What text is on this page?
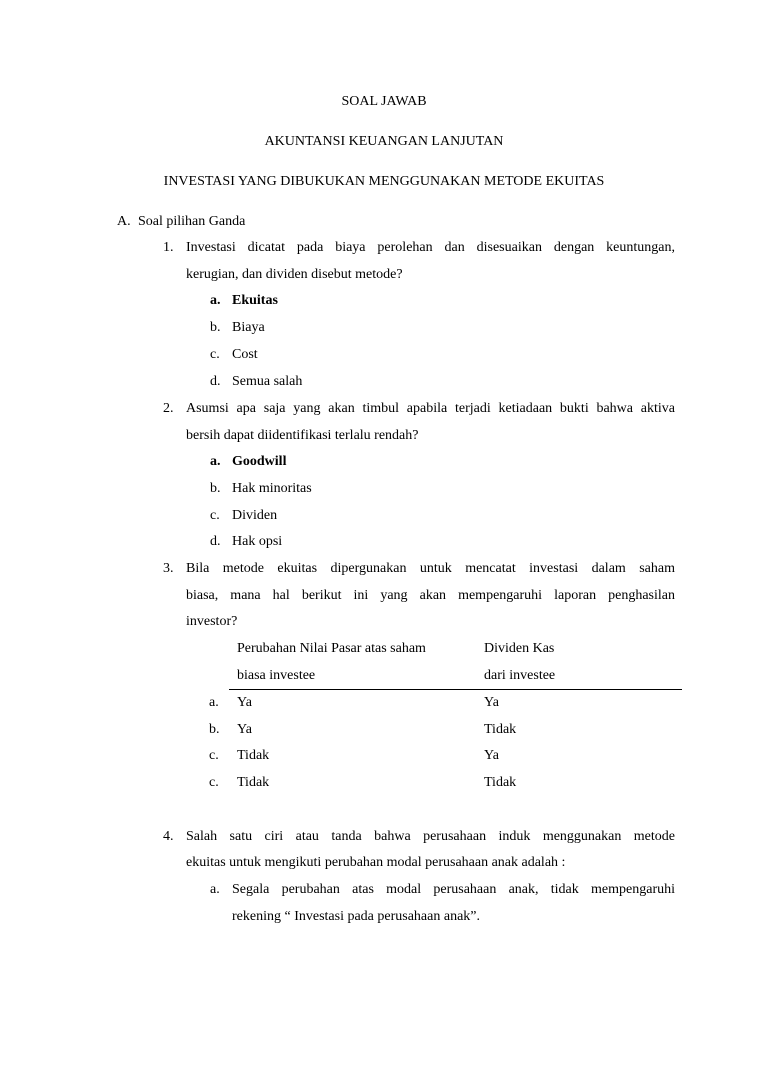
SOAL JAWAB
AKUNTANSI KEUANGAN LANJUTAN
INVESTASI YANG DIBUKUKAN MENGGUNAKAN METODE EKUITAS
A. Soal pilihan Ganda
1. Investasi dicatat pada biaya perolehan dan disesuaikan dengan keuntungan,
kerugian, dan dividen disebut metode?
a. Ekuitas
b. Biaya
c. Cost
d. Semua salah
2. Asumsi apa saja yang akan timbul apabila terjadi ketiadaan bukti bahwa aktiva
bersih dapat diidentifikasi terlalu rendah?
a. Goodwill
b. Hak minoritas
c. Dividen
d. Hak opsi
3. Bila metode ekuitas dipergunakan untuk mencatat investasi dalam saham
biasa, mana hal berikut ini yang akan mempengaruhi laporan penghasilan
investor?
Perubahan Nilai Pasar atas saham	Dividen Kas
biasa investee	dari investee
a. Ya	Ya
b. Ya	Tidak
c. Tidak	Ya
c. Tidak	Tidak
4. Salah satu ciri atau tanda bahwa perusahaan induk menggunakan metode
ekuitas untuk mengikuti perubahan modal perusahaan anak adalah :
a. Segala perubahan atas modal perusahaan anak, tidak mempengaruhi
rekening “ Investasi pada perusahaan anak”.
